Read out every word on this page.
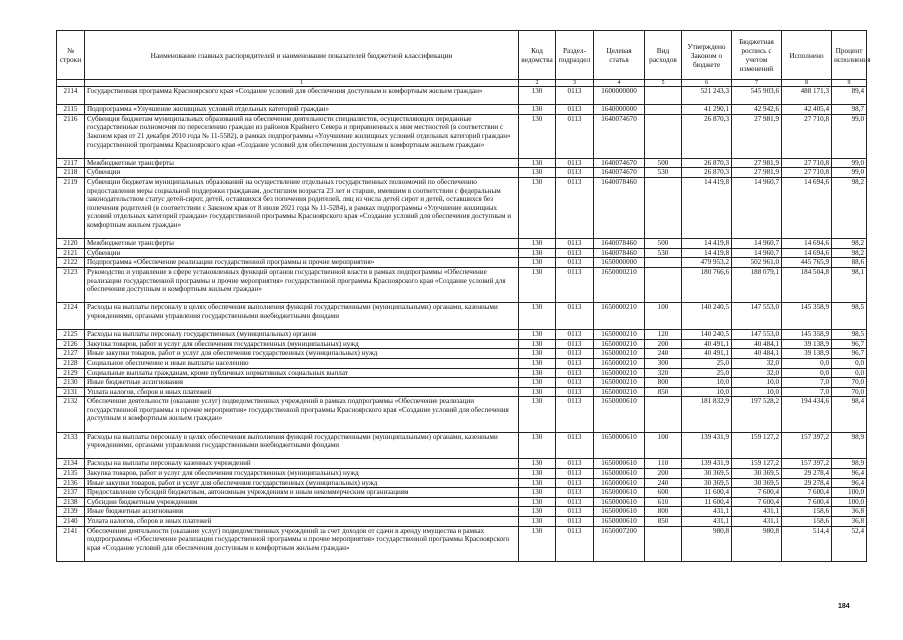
№ строки	Наименование главных распорядителей и наименование показателей бюджетной классификации	Код ведомства	Раздел-подраздел	Целевая статья	Вид расходов	Утверждено Законом о бюджете	Бюджетная роспись с учетом изменений	Исполнено	Процент исполнения
	1	2	3	4	5	6	7	8	9
2114	Государственная программа Красноярского края «Создание условий для обеспечения доступным и комфортным жильем граждан»	130	0113	1600000000		521 243,3	545 903,6	488 171,3	89,4
2115	Подпрограмма «Улучшение жилищных условий отдельных категорий граждан»	130	0113	1640000000		41 290,1	42 942,6	42 405,4	98,7
2116	Субвенция бюджетам муниципальных образований на обеспечение деятельности специалистов, осуществляющих переданные государственные полномочия по переселению граждан из районов Крайнего Севера и приравненных к ним местностей (в соответствии с Законом края от 21 декабря 2010 года № 11-5582), в рамках подпрограммы «Улучшение жилищных условий отдельных категорий граждан» государственной программы Красноярского края «Создание условий для обеспечения доступным и комфортным жильем граждан»	130	0113	1640074670		26 870,3	27 981,9	27 710,8	99,0
2117	Межбюджетные трансферты	130	0113	1640074670	500	26 870,3	27 981,9	27 710,8	99,0
2118	Субвенции	130	0113	1640074670	530	26 870,3	27 981,9	27 710,8	99,0
2119	Субвенции бюджетам муниципальных образований на осуществление отдельных государственных полномочий по обеспечению предоставления меры социальной поддержки гражданам, достигшим возраста 23 лет и старше, имевшим в соответствии с федеральным законодательством статус детей-сирот, детей, оставшихся без попечения родителей, лиц из числа детей сирот и детей, оставшихся без попечения родителей (в соответствии с Законом края от 8 июля 2021 года № 11-5284), в рамках подпрограммы «Улучшение жилищных условий отдельных категорий граждан» государственной программы Красноярского края «Создание условий для обеспечения доступным и комфортным жильем граждан»	130	0113	1640078460		14 419,8	14 960,7	14 694,6	98,2
2120	Межбюджетные трансферты	130	0113	1640078460	500	14 419,8	14 960,7	14 694,6	98,2
2121	Субвенции	130	0113	1640078460	530	14 419,8	14 960,7	14 694,6	98,2
2122	Подпрограмма «Обеспечение реализации государственной программы и прочие мероприятия»	130	0113	1650000000		479 953,2	502 961,0	445 765,9	88,6
2123	Руководство и управление в сфере установленных функций органов государственной власти в рамках подпрограммы «Обеспечение реализации государственной программы и прочие мероприятия» государственной программы Красноярского края «Создание условий для обеспечения доступным и комфортным жильем граждан»	130	0113	1650000210		180 766,6	188 079,1	184 504,8	98,1
2124	Расходы на выплаты персоналу в целях обеспечения выполнения функций государственными (муниципальными) органами, казенными учреждениями, органами управления государственными внебюджетными фондами	130	0113	1650000210	100	140 240,5	147 553,0	145 358,9	98,5
2125	Расходы на выплаты персоналу государственных (муниципальных) органов	130	0113	1650000210	120	140 240,5	147 553,0	145 358,9	98,5
2126	Закупка товаров, работ и услуг для обеспечения государственных (муниципальных) нужд	130	0113	1650000210	200	40 491,1	40 484,1	39 138,9	96,7
2127	Иные закупки товаров, работ и услуг для обеспечения государственных (муниципальных) нужд	130	0113	1650000210	240	40 491,1	40 484,1	39 138,9	96,7
2128	Социальное обеспечение и иные выплаты населению	130	0113	1650000210	300	25,0	32,0	0,0	0,0
2129	Социальные выплаты гражданам, кроме публичных нормативных социальных выплат	130	0113	1650000210	320	25,0	32,0	0,0	0,0
2130	Иные бюджетные ассигнования	130	0113	1650000210	800	10,0	10,0	7,0	70,0
2131	Уплата налогов, сборов и иных платежей	130	0113	1650000210	850	10,0	10,0	7,0	70,0
2132	Обеспечение деятельности (оказание услуг) подведомственных учреждений в рамках подпрограммы «Обеспечение реализации государственной программы и прочие мероприятия» государственной программы Красноярского края «Создание условий для обеспечения доступным и комфортным жильем граждан»	130	0113	1650000610		181 832,9	197 528,2	194 434,6	98,4
2133	Расходы на выплаты персоналу в целях обеспечения выполнения функций государственными (муниципальными) органами, казенными учреждениями, органами управления государственными внебюджетными фондами	130	0113	1650000610	100	139 431,9	159 127,2	157 397,2	98,9
2134	Расходы на выплаты персоналу казенных учреждений	130	0113	1650000610	110	139 431,9	159 127,2	157 397,2	98,9
2135	Закупка товаров, работ и услуг для обеспечения государственных (муниципальных) нужд	130	0113	1650000610	200	30 369,5	30 369,5	29 278,4	96,4
2136	Иные закупки товаров, работ и услуг для обеспечения государственных (муниципальных) нужд	130	0113	1650000610	240	30 369,5	30 369,5	29 278,4	96,4
2137	Предоставление субсидий бюджетным, автономным учреждениям и иным некоммерческим организациям	130	0113	1650000610	600	11 600,4	7 600,4	7 600,4	100,0
2138	Субсидии бюджетным учреждениям	130	0113	1650000610	610	11 600,4	7 600,4	7 600,4	100,0
2139	Иные бюджетные ассигнования	130	0113	1650000610	800	431,1	431,1	158,6	36,8
2140	Уплата налогов, сборов и иных платежей	130	0113	1650000610	850	431,1	431,1	158,6	36,8
2141	Обеспечение деятельности (оказание услуг) подведомственных учреждений за счет доходов от сдачи в аренду имущества в рамках подпрограммы «Обеспечение реализации государственной программы и прочие мероприятия» государственной программы Красноярского края «Создание условий для обеспечения доступным и комфортным жильем граждан»	130	0113	1650007200		980,8	980,8	514,4	52,4
184
